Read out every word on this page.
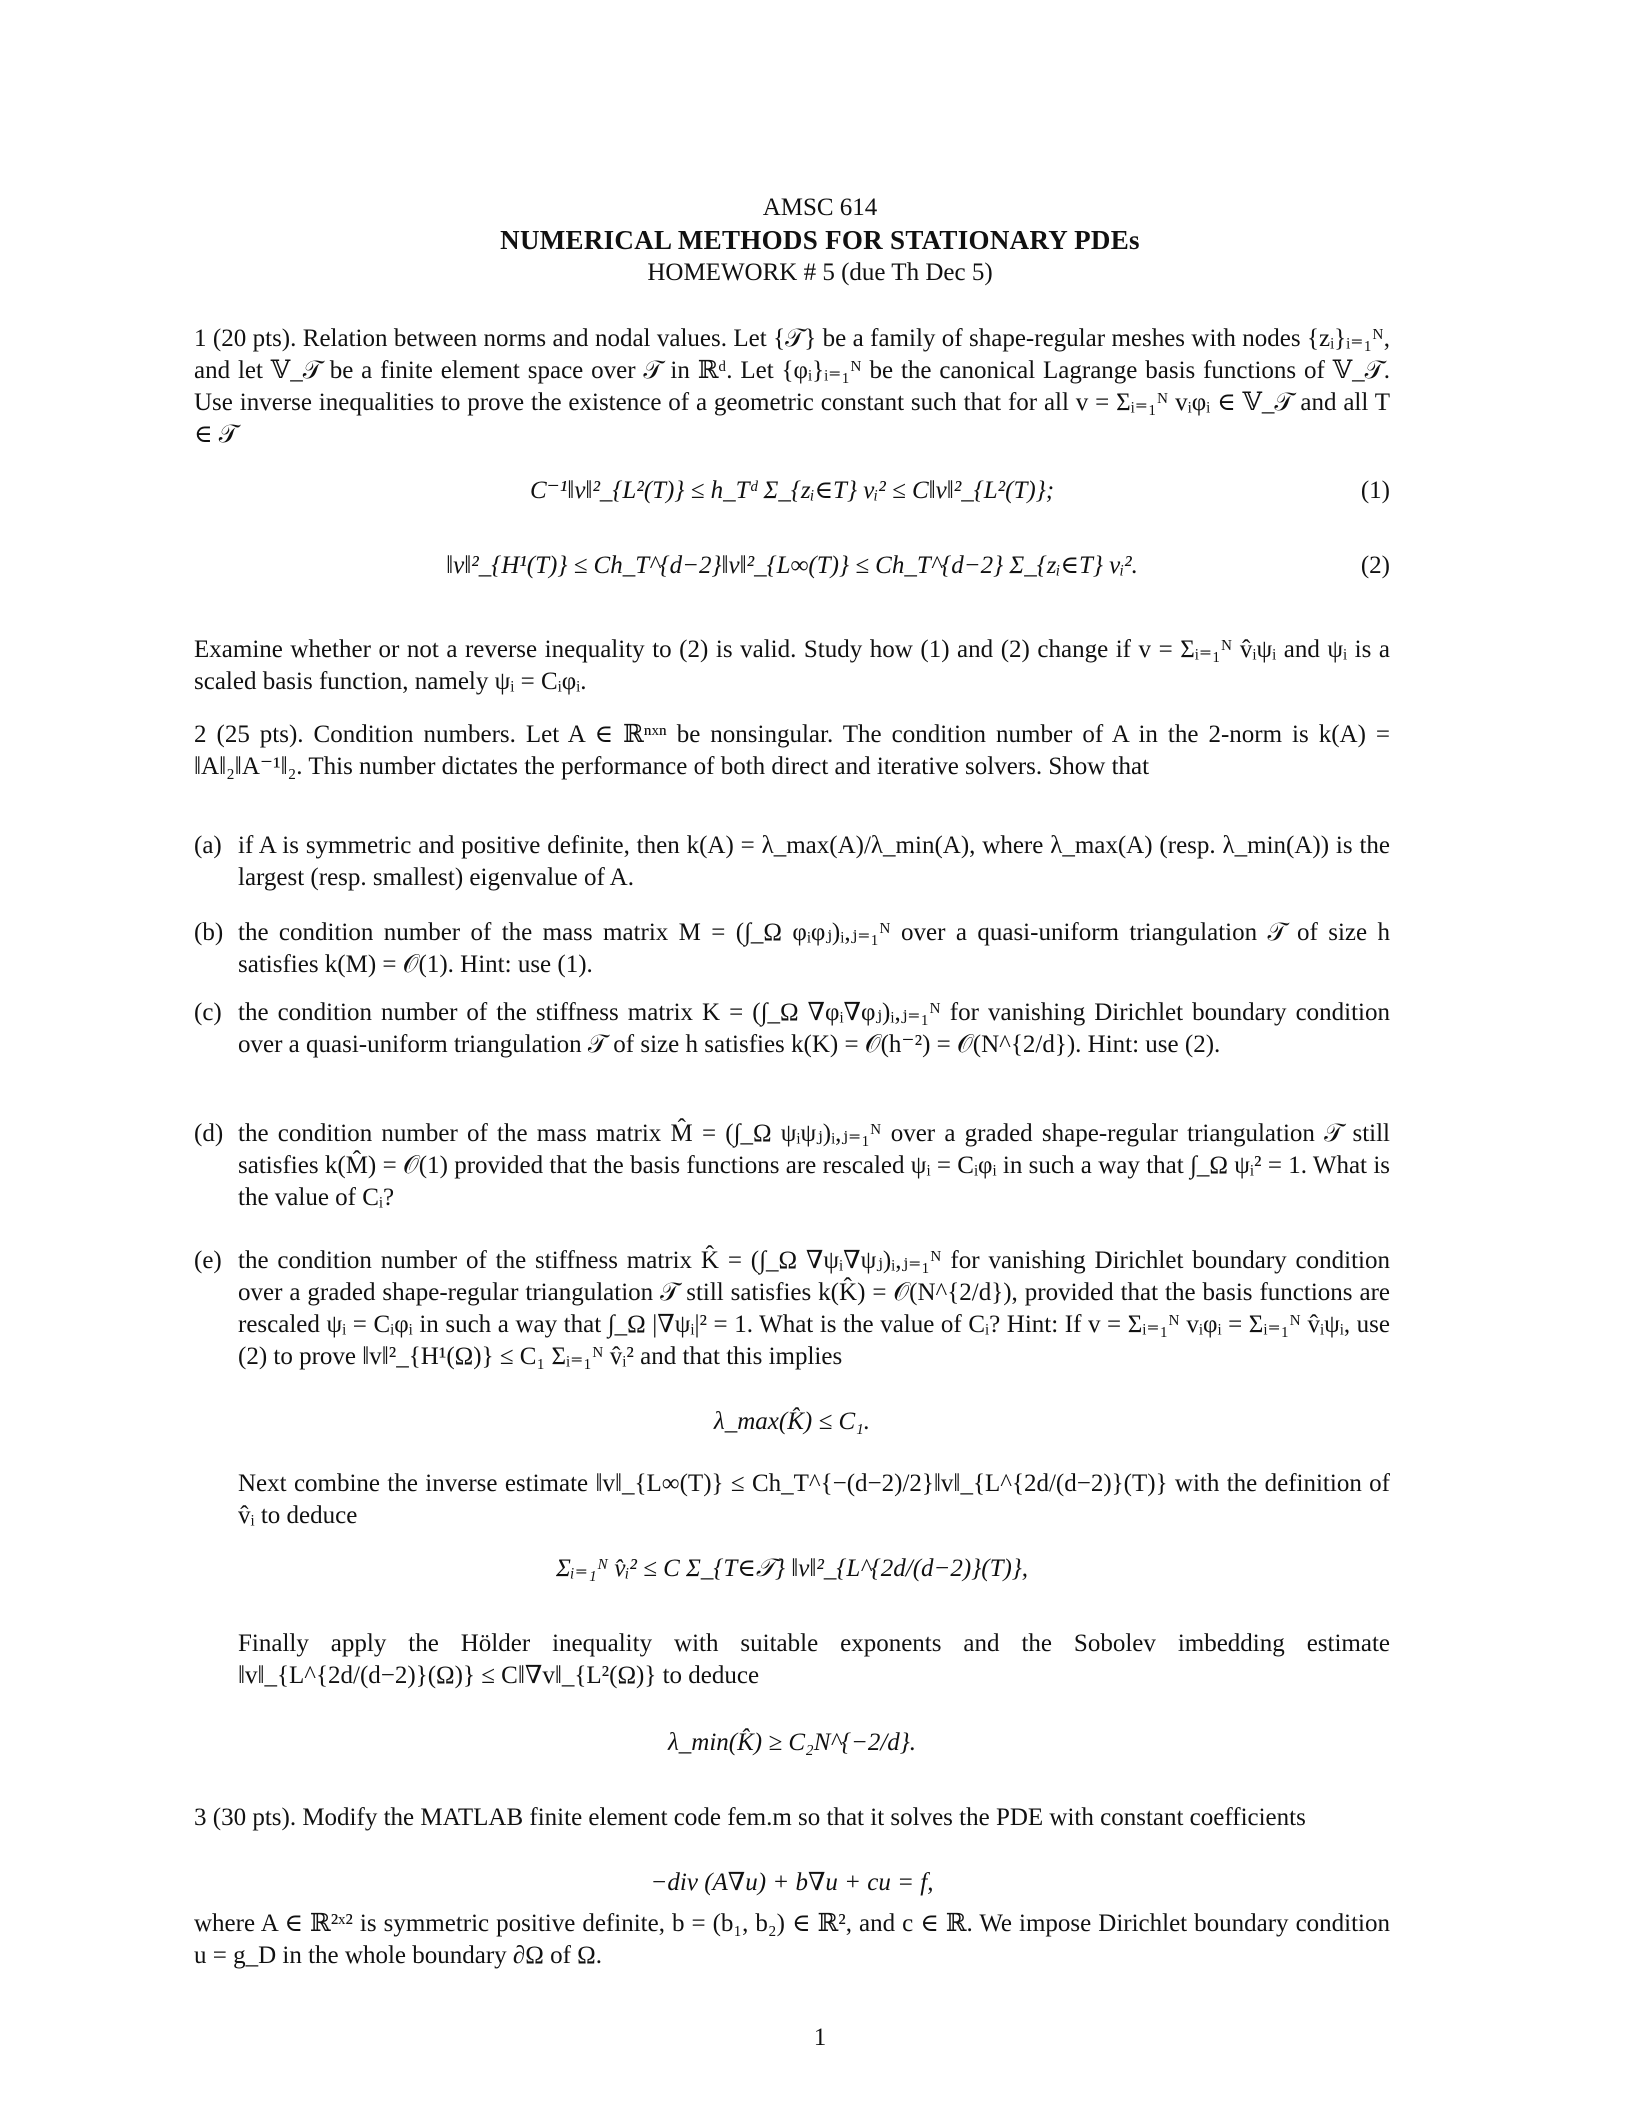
AMSC 614
NUMERICAL METHODS FOR STATIONARY PDEs
HOMEWORK # 5 (due Th Dec 5)
1 (20 pts). Relation between norms and nodal values. Let {𝒯} be a family of shape-regular meshes with nodes {zᵢ}ᵢ₌₁ᴺ, and let 𝕍_𝒯 be a finite element space over 𝒯 in ℝᵈ. Let {φᵢ}ᵢ₌₁ᴺ be the canonical Lagrange basis functions of 𝕍_𝒯. Use inverse inequalities to prove the existence of a geometric constant such that for all v = Σᵢ₌₁ᴺ vᵢφᵢ ∈ 𝕍_𝒯 and all T ∈ 𝒯
C⁻¹‖v‖²_{L²(T)} ≤ h_Tᵈ Σ_{zᵢ∈T} vᵢ² ≤ C‖v‖²_{L²(T)};	(1)
‖v‖²_{H¹(T)} ≤ Ch_T^{d−2}‖v‖²_{L∞(T)} ≤ Ch_T^{d−2} Σ_{zᵢ∈T} vᵢ².	(2)
Examine whether or not a reverse inequality to (2) is valid. Study how (1) and (2) change if v = Σᵢ₌₁ᴺ v̂ᵢψᵢ and ψᵢ is a scaled basis function, namely ψᵢ = Cᵢφᵢ.
2 (25 pts). Condition numbers. Let A ∈ ℝⁿˣⁿ be nonsingular. The condition number of A in the 2-norm is k(A) = ‖A‖₂‖A⁻¹‖₂. This number dictates the performance of both direct and iterative solvers. Show that
(a) if A is symmetric and positive definite, then k(A) = λ_max(A)/λ_min(A), where λ_max(A) (resp. λ_min(A)) is the largest (resp. smallest) eigenvalue of A.
(b) the condition number of the mass matrix M = (∫_Ω φᵢφⱼ)ᵢ,ⱼ₌₁ᴺ over a quasi-uniform triangulation 𝒯 of size h satisfies k(M) = 𝒪(1). Hint: use (1).
(c) the condition number of the stiffness matrix K = (∫_Ω ∇φᵢ∇φⱼ)ᵢ,ⱼ₌₁ᴺ for vanishing Dirichlet boundary condition over a quasi-uniform triangulation 𝒯 of size h satisfies k(K) = 𝒪(h⁻²) = 𝒪(N^{2/d}). Hint: use (2).
(d) the condition number of the mass matrix M̂ = (∫_Ω ψᵢψⱼ)ᵢ,ⱼ₌₁ᴺ over a graded shape-regular triangulation 𝒯 still satisfies k(M̂) = 𝒪(1) provided that the basis functions are rescaled ψᵢ = Cᵢφᵢ in such a way that ∫_Ω ψᵢ² = 1. What is the value of Cᵢ?
(e) the condition number of the stiffness matrix K̂ = (∫_Ω ∇ψᵢ∇ψⱼ)ᵢ,ⱼ₌₁ᴺ for vanishing Dirichlet boundary condition over a graded shape-regular triangulation 𝒯 still satisfies k(K̂) = 𝒪(N^{2/d}), provided that the basis functions are rescaled ψᵢ = Cᵢφᵢ in such a way that ∫_Ω |∇ψᵢ|² = 1. What is the value of Cᵢ? Hint: If v = Σᵢ₌₁ᴺ vᵢφᵢ = Σᵢ₌₁ᴺ v̂ᵢψᵢ, use (2) to prove ‖v‖²_{H¹(Ω)} ≤ C₁ Σᵢ₌₁ᴺ v̂ᵢ² and that this implies
λ_max(K̂) ≤ C₁.
Next combine the inverse estimate ‖v‖_{L∞(T)} ≤ Ch_T^{−(d−2)/2}‖v‖_{L^{2d/(d−2)}(T)} with the definition of v̂ᵢ to deduce
Σᵢ₌₁ᴺ v̂ᵢ² ≤ C Σ_{T∈𝒯} ‖v‖²_{L^{2d/(d−2)}(T)},
Finally apply the Hölder inequality with suitable exponents and the Sobolev imbedding estimate ‖v‖_{L^{2d/(d−2)}(Ω)} ≤ C‖∇v‖_{L²(Ω)} to deduce
λ_min(K̂) ≥ C₂N^{−2/d}.
3 (30 pts). Modify the MATLAB finite element code fem.m so that it solves the PDE with constant coefficients
−div (A∇u) + b∇u + cu = f,
where A ∈ ℝ²ˣ² is symmetric positive definite, b = (b₁, b₂) ∈ ℝ², and c ∈ ℝ. We impose Dirichlet boundary condition u = g_D in the whole boundary ∂Ω of Ω.
1
